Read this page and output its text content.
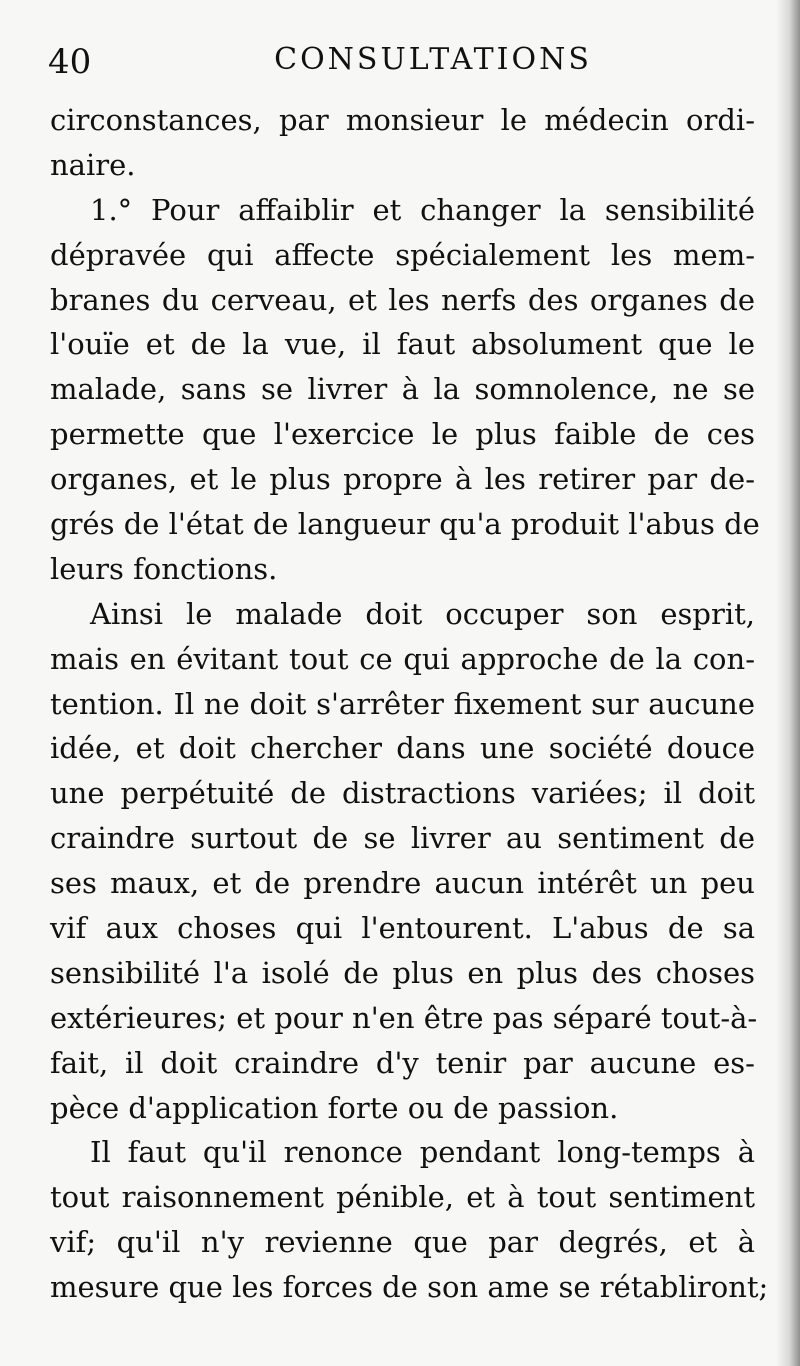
40	CONSULTATIONS
circonstances, par monsieur le médecin ordi-
naire.
1.° Pour affaiblir et changer la sensibilité
dépravée qui affecte spécialement les mem-
branes du cerveau, et les nerfs des organes de
l'ouïe et de la vue, il faut absolument que le
malade, sans se livrer à la somnolence, ne se
permette que l'exercice le plus faible de ces
organes, et le plus propre à les retirer par de-
grés de l'état de langueur qu'a produit l'abus de
leurs fonctions.
Ainsi le malade doit occuper son esprit,
mais en évitant tout ce qui approche de la con-
tention. Il ne doit s'arrêter fixement sur aucune
idée, et doit chercher dans une société douce
une perpétuité de distractions variées; il doit
craindre surtout de se livrer au sentiment de
ses maux, et de prendre aucun intérêt un peu
vif aux choses qui l'entourent. L'abus de sa
sensibilité l'a isolé de plus en plus des choses
extérieures; et pour n'en être pas séparé tout-à-
fait, il doit craindre d'y tenir par aucune es-
pèce d'application forte ou de passion.
Il faut qu'il renonce pendant long-temps à
tout raisonnement pénible, et à tout sentiment
vif; qu'il n'y revienne que par degrés, et à
mesure que les forces de son ame se rétabliront;
